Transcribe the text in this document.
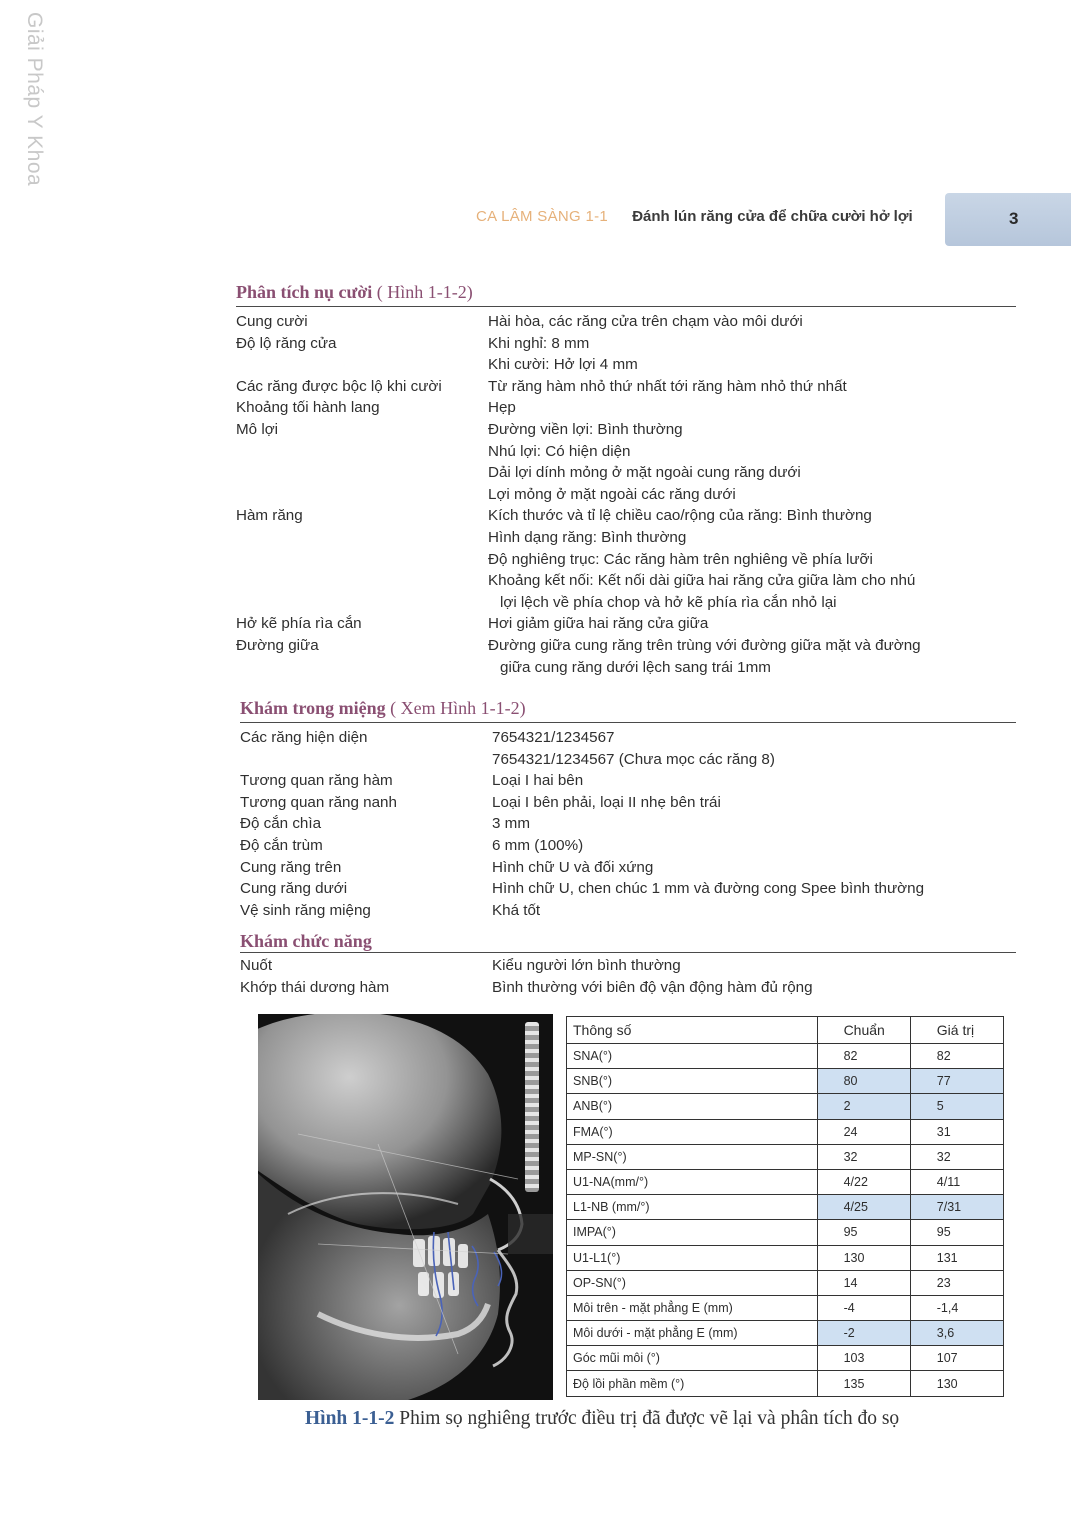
Giải Pháp Y Khoa
CA LÂM SÀNG 1-1 Đánh lún răng cửa để chữa cười hở lợi	3
Phân tích nụ cười ( Hình 1-1-2)
Cung cười	Hài hòa, các răng cửa trên chạm vào môi dưới
Độ lộ răng cửa	Khi nghỉ: 8 mm
Khi cười: Hở lợi 4 mm
Các răng được bộc lộ khi cười	Từ răng hàm nhỏ thứ nhất tới răng hàm nhỏ thứ nhất
Khoảng tối hành lang	Hẹp
Mô lợi	Đường viền lợi: Bình thường
Nhú lợi: Có hiện diện
Dải lợi dính mỏng ở mặt ngoài cung răng dưới
Lợi mỏng ở mặt ngoài các răng dưới
Hàm răng	Kích thước và tỉ lệ chiều cao/rộng của răng: Bình thường
Hình dạng răng: Bình thường
Độ nghiêng trục: Các răng hàm trên nghiêng về phía lưỡi
Khoảng kết nối: Kết nối dài giữa hai răng cửa giữa làm cho nhú
lợi lệch về phía chop và hở kẽ phía rìa cắn nhỏ lại
Hở kẽ phía rìa cắn	Hơi giảm giữa hai răng cửa giữa
Đường giữa	Đường giữa cung răng trên trùng với đường giữa mặt và đường
giữa cung răng dưới lệch sang trái 1mm
Khám trong miệng ( Xem Hình 1-1-2)
Các răng hiện diện	7654321/1234567
7654321/1234567 (Chưa mọc các răng 8)
Tương quan răng hàm	Loại I hai bên
Tương quan răng nanh	Loại I bên phải, loại II nhẹ bên trái
Độ cắn chìa	3 mm
Độ cắn trùm	6 mm (100%)
Cung răng trên	Hình chữ U và đối xứng
Cung răng dưới	Hình chữ U, chen chúc 1 mm và đường cong Spee bình thường
Vệ sinh răng miệng	Khá tốt
Khám chức năng
Nuốt	Kiểu người lớn bình thường
Khớp thái dương hàm	Bình thường với biên độ vận động hàm đủ rộng
Thông số	Chuẩn	Giá trị
SNA(°)	82	82
SNB(°)	80	77
ANB(°)	2	5
FMA(°)	24	31
MP-SN(°)	32	32
U1-NA(mm/°)	4/22	4/11
L1-NB (mm/°)	4/25	7/31
IMPA(°)	95	95
U1-L1(°)	130	131
OP-SN(°)	14	23
Môi trên - mặt phẳng E (mm)	-4	-1,4
Môi dưới - mặt phẳng E (mm)	-2	3,6
Góc mũi môi (°)	103	107
Độ lồi phần mềm (°)	135	130
Hình 1-1-2 Phim sọ nghiêng trước điều trị đã được vẽ lại và phân tích đo sọ
